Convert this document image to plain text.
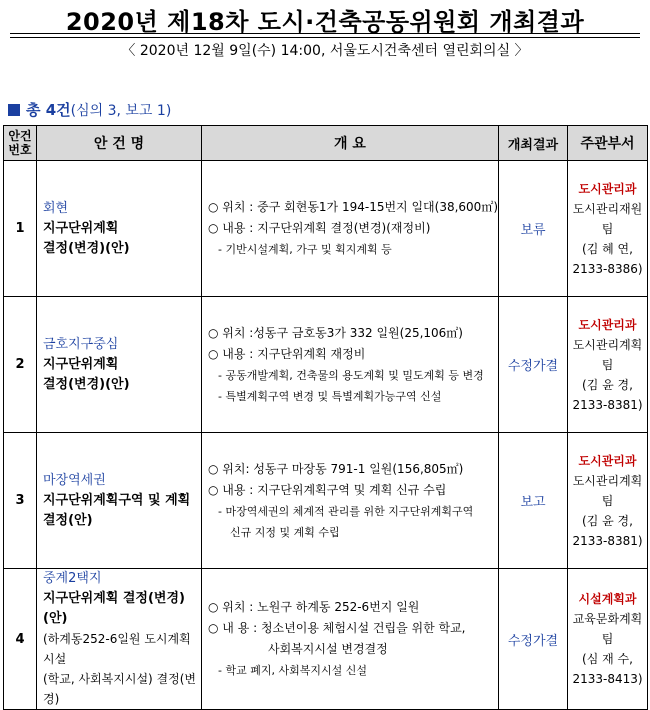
2020년 제18차 도시·건축공동위원회 개최결과
〈 2020년 12월 9일(수) 14:00, 서울도시건축센터 열린회의실 〉
총 4건(심의 3, 보고 1)
안건
번호	안 건 명	개 요	개최결과	주관부서
1	회현
지구단위계획
결정(변경)(안)	○ 위치 : 중구 회현동1가 194-15번지 일대(38,600㎡)
○ 내용 : 지구단위계획 결정(변경)(재정비)
- 기반시설계획, 가구 및 획지계획 등	보류	도시관리과
도시관리재원팀
(김 혜 연,
2133-8386)

2	금호지구중심
지구단위계획
결정(변경)(안)	○ 위치 :성동구 금호동3가 332 일원(25,106㎡)
○ 내용 : 지구단위계획 재정비
- 공동개발계획, 건축물의 용도계획 및 밀도계획 등 변경
- 특별계획구역 변경 및 특별계획가능구역 신설	수정가결	도시관리과
도시관리계획팀
(김 윤 경,
2133-8381)

3	마장역세권
지구단위계획구역 및 계획
결정(안)	○ 위치: 성동구 마장동 791-1 일원(156,805㎡)
○ 내용 : 지구단위계획구역 및 계획 신규 수립
- 마장역세권의 체계적 관리를 위한 지구단위계획구역
신규 지정 및 계획 수립	보고	도시관리과
도시관리계획팀
(김 윤 경,
2133-8381)

4	중계2택지
지구단위계획 결정(변경)(안)
(하계동252-6일원 도시계획시설
(학교, 사회복지시설) 결정(변경)	○ 위치 : 노원구 하계동 252-6번지 일원
○ 내 용 : 청소년이용 체험시설 건립을 위한 학교,
사회복지시설 변경결정
- 학교 폐지, 사회복지시설 신설	수정가결	시설계획과
교육문화계획팀
(심 재 수,
2133-8413)
